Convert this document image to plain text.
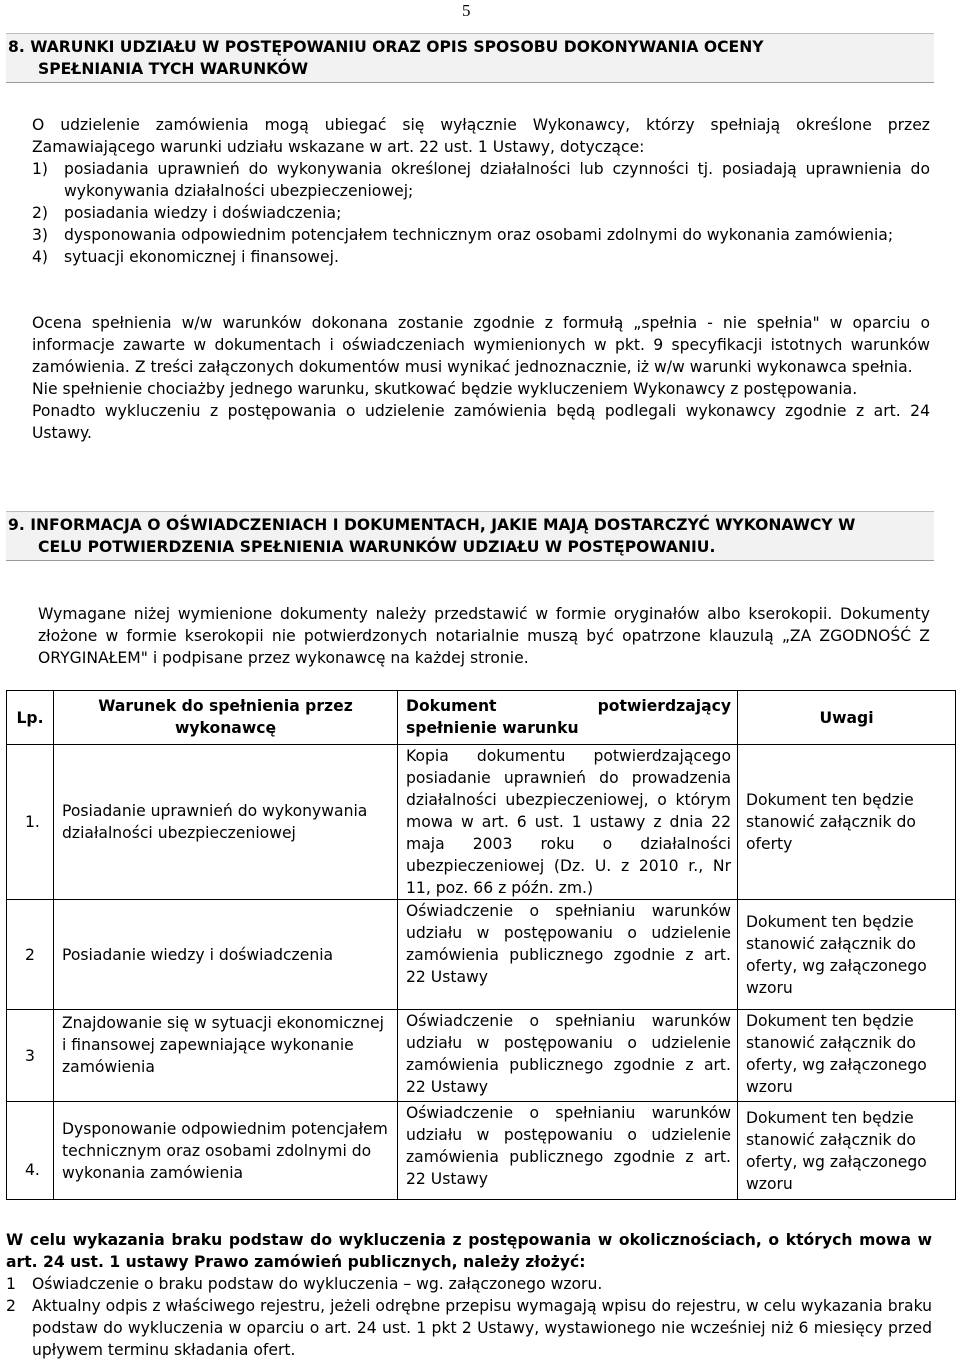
5
8. WARUNKI UDZIAŁU W POSTĘPOWANIU ORAZ OPIS SPOSOBU DOKONYWANIA OCENY
SPEŁNIANIA TYCH WARUNKÓW

O udzielenie zamówienia mogą ubiegać się wyłącznie Wykonawcy, którzy spełniają określone przez Zamawiającego warunki udziału wskazane w art. 22 ust. 1 Ustawy, dotyczące:

1)	posiadania uprawnień do wykonywania określonej działalności lub czynności tj. posiadają uprawnienia do wykonywania działalności ubezpieczeniowej;
2)	posiadania wiedzy i doświadczenia;
3)	dysponowania odpowiednim potencjałem technicznym oraz osobami zdolnymi do wykonania zamówienia;
4)	sytuacji ekonomicznej i finansowej.

Ocena spełnienia w/w warunków dokonana zostanie zgodnie z formułą „spełnia - nie spełnia" w oparciu o informacje zawarte w dokumentach i oświadczeniach wymienionych w pkt. 9 specyfikacji istotnych warunków zamówienia. Z treści załączonych dokumentów musi wynikać jednoznacznie, iż w/w warunki wykonawca spełnia.

Nie spełnienie chociażby jednego warunku, skutkować będzie wykluczeniem Wykonawcy z postępowania.

Ponadto wykluczeniu z postępowania o udzielenie zamówienia będą podlegali wykonawcy zgodnie z art. 24 Ustawy.

9. INFORMACJA O OŚWIADCZENIACH I DOKUMENTACH, JAKIE MAJĄ DOSTARCZYĆ WYKONAWCY W
CELU POTWIERDZENIA SPEŁNIENIA WARUNKÓW UDZIAŁU W POSTĘPOWANIU.
Wymagane niżej wymienione dokumenty należy przedstawić w formie oryginałów albo kserokopii. Dokumenty złożone w formie kserokopii nie potwierdzonych notarialnie muszą być opatrzone klauzulą „ZA ZGODNOŚĆ Z ORYGINAŁEM" i podpisane przez wykonawcę na każdej stronie.
Lp.	Warunek do spełnienia przez wykonawcę	Dokument potwierdzający spełnienie warunku	Uwagi
1.	Posiadanie uprawnień do wykonywania działalności ubezpieczeniowej	Kopia dokumentu potwierdzającego posiadanie uprawnień do prowadzenia działalności ubezpieczeniowej, o którym mowa w art. 6 ust. 1 ustawy z dnia 22 maja 2003 roku o działalności ubezpieczeniowej (Dz. U. z 2010 r., Nr 11, poz. 66 z późn. zm.)	Dokument ten będzie stanowić załącznik do oferty

2	Posiadanie wiedzy i doświadczenia	Oświadczenie o spełnianiu warunków udziału w postępowaniu o udzielenie zamówienia publicznego zgodnie z art. 22 Ustawy	Dokument ten będzie stanowić załącznik do oferty, wg załączonego wzoru

3	Znajdowanie się w sytuacji ekonomicznej i finansowej zapewniające wykonanie zamówienia	Oświadczenie o spełnianiu warunków udziału w postępowaniu o udzielenie zamówienia publicznego zgodnie z art. 22 Ustawy	Dokument ten będzie stanowić załącznik do oferty, wg załączonego wzoru

4.	Dysponowanie odpowiednim potencjałem technicznym oraz osobami zdolnymi do wykonania zamówienia	Oświadczenie o spełnianiu warunków udziału w postępowaniu o udzielenie zamówienia publicznego zgodnie z art. 22 Ustawy	Dokument ten będzie stanowić załącznik do oferty, wg załączonego wzoru
W celu wykazania braku podstaw do wykluczenia z postępowania w okolicznościach, o których mowa w art. 24 ust. 1 ustawy Prawo zamówień publicznych, należy złożyć:
1	Oświadczenie o braku podstaw do wykluczenia – wg. załączonego wzoru.
2	Aktualny odpis z właściwego rejestru, jeżeli odrębne przepisu wymagają wpisu do rejestru, w celu wykazania braku podstaw do wykluczenia w oparciu o art. 24 ust. 1 pkt 2 Ustawy, wystawionego nie wcześniej niż 6 miesięcy przed upływem terminu składania ofert.
